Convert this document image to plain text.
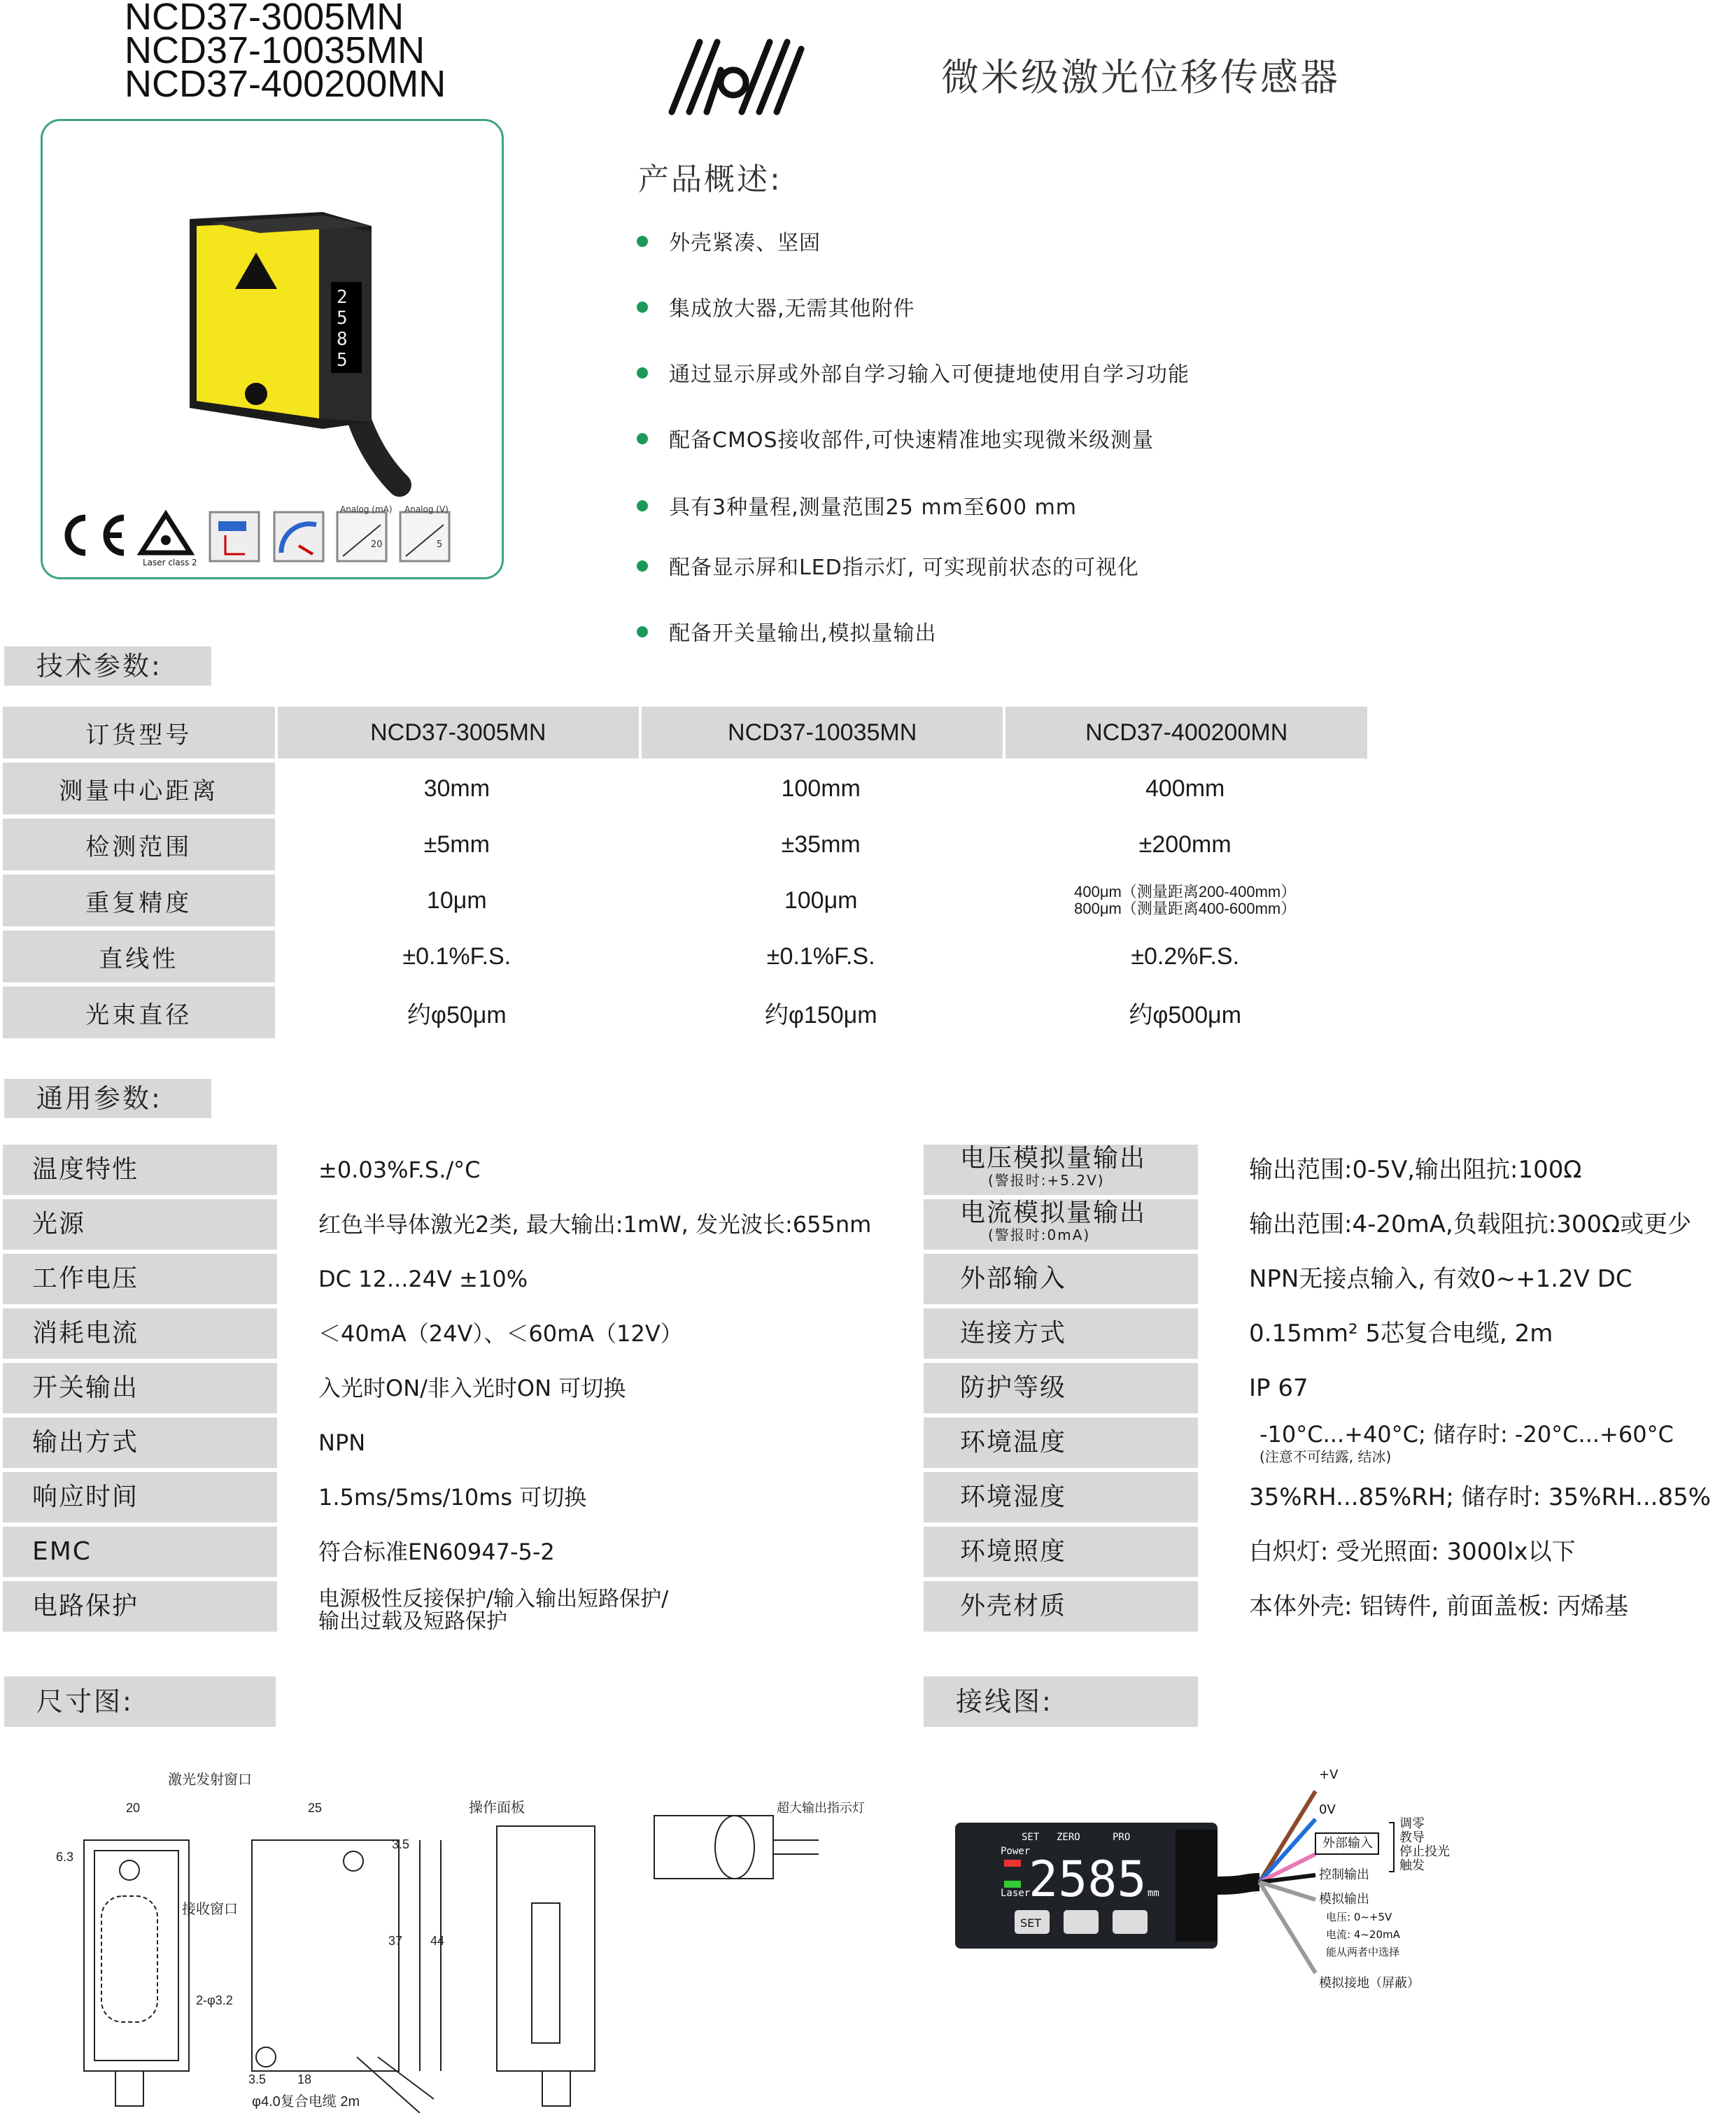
NCD37-3005MN
NCD37-10035MN
NCD37-400200MN	微米级激光位移传感器
2
5
8
5
Laser class 2
20
Analog (mA)
5
Analog (V)
产品概述:
外壳紧凑、坚固
集成放大器,无需其他附件
通过显示屏或外部自学习输入可便捷地使用自学习功能
配备CMOS接收部件,可快速精准地实现微米级测量
具有3种量程,测量范围25 mm至600 mm
配备显示屏和LED指示灯, 可实现前状态的可视化
配备开关量输出,模拟量输出
技术参数:
订货型号	NCD37-3005MN	NCD37-10035MN	NCD37-400200MN
测量中心距离	30mm	100mm	400mm
检测范围	±5mm	±35mm	±200mm
重复精度	10μm	100μm	400μm（测量距离200-400mm）
800μm（测量距离400-600mm）

直线性	±0.1%F.S.	±0.1%F.S.	±0.2%F.S.
光束直径	约φ50μm	约φ150μm	约φ500μm
通用参数:
温度特性	±0.03%F.S./°C
光源	红色半导体激光2类, 最大输出:1mW, 发光波长:655nm
工作电压	DC 12...24V ±10%
消耗电流	＜40mA（24V）、＜60mA（12V）
开关输出	入光时ON/非入光时ON 可切换
输出方式	NPN
响应时间	1.5ms/5ms/10ms 可切换
EMC	符合标准EN60947-5-2
电路保护	电源极性反接保护/输入输出短路保护/
输出过载及短路保护
电压模拟量输出
(警报时:+5.2V)	输出范围:0-5V,输出阻抗:100Ω
电流模拟量输出
(警报时:0mA)	输出范围:4-20mA,负载阻抗:300Ω或更少
外部输入	NPN无接点输入, 有效0~+1.2V DC
连接方式	0.15mm² 5芯复合电缆, 2m
防护等级	IP 67
环境温度	-10°C...+40°C; 储存时: -20°C...+60°C
(注意不可结露, 结冰)
环境湿度	35%RH...85%RH; 储存时: 35%RH...85%
环境照度	白炽灯: 受光照面: 3000lx以下
外壳材质	本体外壳: 铝铸件, 前面盖板: 丙烯基
尺寸图:	接线图:
激光发射窗口
接收窗口
操作面板	超大输出指示灯
φ4.0复合电缆 2m
2-φ3.2
20
6.3
25
3.5
37 44
3.5 18
2585
SET ZERO	PRO
Power
Laser	mm
SET
+V
0V
外部输入
控制输出
模拟输出
模拟接地（屏蔽）
调零
教导
停止投光
触发
电压: 0~+5V
电流: 4~20mA
能从两者中选择
